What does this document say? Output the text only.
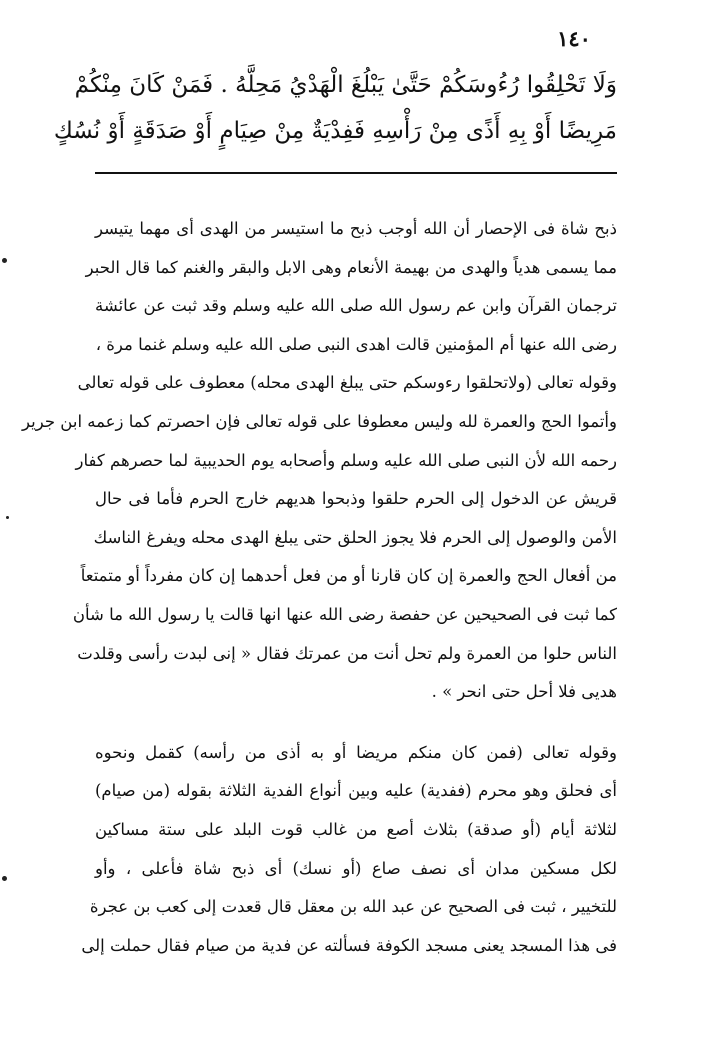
١٤٠
وَلَا تَحْلِقُوا رُءُوسَكُمْ حَتَّىٰ يَبْلُغَ الْهَدْيُ مَحِلَّهُ . فَمَنْ كَانَ مِنْكُمْ
مَرِيضًا أَوْ بِهِ أَذًى مِنْ رَأْسِهِ فَفِدْيَةٌ مِنْ صِيَامٍ أَوْ صَدَقَةٍ أَوْ نُسُكٍ
ذبح شاة فى الإحصار أن الله أوجب ذبح ما استيسر من الهدى أى مهما يتيسر
مما يسمى هدياً والهدى من بهيمة الأنعام وهى الابل والبقر والغنم كما قال الحبر
ترجمان القرآن وابن عم رسول الله صلى الله عليه وسلم وقد ثبت عن عائشة
رضى الله عنها أم المؤمنين قالت اهدى النبى صلى الله عليه وسلم غنما مرة ،
وقوله تعالى (ولاتحلقوا رءوسكم حتى يبلغ الهدى محله) معطوف على قوله تعالى
وأتموا الحج والعمرة لله وليس معطوفا على قوله تعالى فإن احصرتم كما زعمه ابن جرير
رحمه الله لأن النبى صلى الله عليه وسلم وأصحابه يوم الحديبية لما حصرهم كفار
قريش عن الدخول إلى الحرم حلقوا وذبحوا هديهم خارج الحرم فأما فى حال
الأمن والوصول إلى الحرم فلا يجوز الحلق حتى يبلغ الهدى محله ويفرغ الناسك
من أفعال الحج والعمرة إن كان قارنا أو من فعل أحدهما إن كان مفرداً أو متمتعاً
كما ثبت فى الصحيحين عن حفصة رضى الله عنها انها قالت يا رسول الله ما شأن
الناس حلوا من العمرة ولم تحل أنت من عمرتك فقال « إنى لبدت رأسى وقلدت
هديى فلا أحل حتى انحر » .
وقوله تعالى (فمن كان منكم مريضا أو به أذى من رأسه) كقمل ونحوه
أى فحلق وهو محرم (ففدية) عليه وبين أنواع الفدية الثلاثة بقوله (من صيام)
لثلاثة أيام (أو صدقة) بثلاث أصع من غالب قوت البلد على ستة مساكين
لكل مسكين مدان أى نصف صاع (أو نسك) أى ذبح شاة فأعلى ، وأو
للتخيير ، ثبت فى الصحيح عن عبد الله بن معقل قال قعدت إلى كعب بن عجرة
فى هذا المسجد يعنى مسجد الكوفة فسألته عن فدية من صيام فقال حملت إلى
